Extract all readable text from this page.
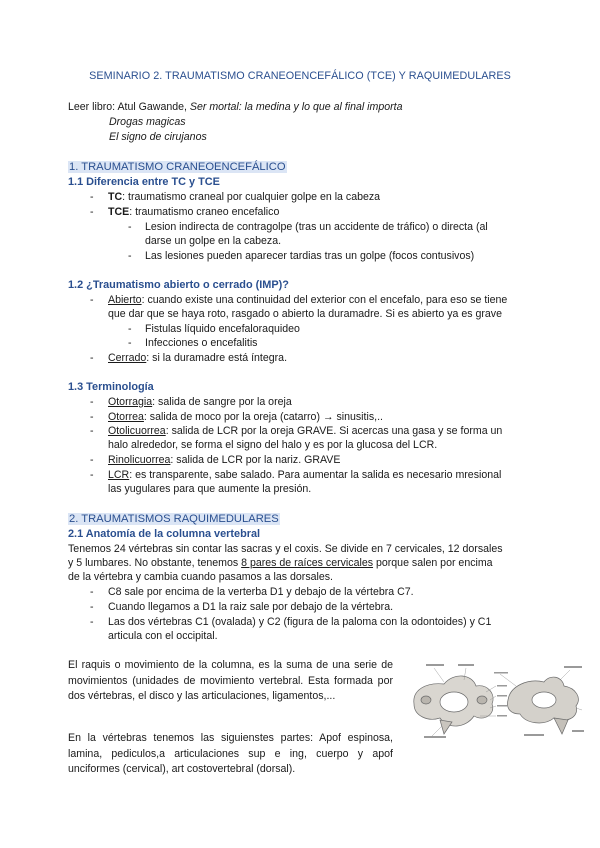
SEMINARIO 2. TRAUMATISMO CRANEOENCEFÁLICO (TCE) Y RAQUIMEDULARES
Leer libro: Atul Gawande, Ser mortal: la medina y lo que al final importa
Drogas magicas
El signo de cirujanos
1. TRAUMATISMO CRANEOENCEFÁLICO
1.1 Diferencia entre TC y TCE
- TC: traumatismo craneal por cualquier golpe en la cabeza
- TCE: traumatismo craneo encefalico
- Lesion indirecta de contragolpe (tras un accidente de tráfico) o directa (al
darse un golpe en la cabeza.
- Las lesiones pueden aparecer tardias tras un golpe (focos contusivos)
1.2 ¿Traumatismo abierto o cerrado (IMP)?
- Abierto: cuando existe una continuidad del exterior con el encefalo, para eso se tiene
que dar que se haya roto, rasgado o abierto la duramadre. Si es abierto ya es grave
- Fistulas líquido encefaloraquideo
- Infecciones o encefalitis
- Cerrado: si la duramadre está íntegra.
1.3 Terminología
- Otorragia: salida de sangre por la oreja
- Otorrea: salida de moco por la oreja (catarro) → sinusitis,..
- Otolicuorrea: salida de LCR por la oreja GRAVE. Si acercas una gasa y se forma un
halo alrededor, se forma el signo del halo y es por la glucosa del LCR.
- Rinolicuorrea: salida de LCR por la nariz. GRAVE
- LCR: es transparente, sabe salado. Para aumentar la salida es necesario mresional
las yugulares para que aumente la presión.
2. TRAUMATISMOS RAQUIMEDULARES
2.1 Anatomía de la columna vertebral
Tenemos 24 vértebras sin contar las sacras y el coxis. Se divide en 7 cervicales, 12 dorsales
y 5 lumbares. No obstante, tenemos 8 pares de raíces cervicales porque salen por encima
de la vértebra y cambia cuando pasamos a las dorsales.
- C8 sale por encima de la verterba D1 y debajo de la vértebra C7.
- Cuando llegamos a D1 la raiz sale por debajo de la vértebra.
- Las dos vértebras C1 (ovalada) y C2 (figura de la paloma con la odontoides) y C1
articula con el occipital.
El raquis o movimiento de la columna, es la suma de una serie de movimientos (unidades de movimiento vertebral. Esta formada por dos vértebras, el disco y las articulaciones, ligamentos,...
En la vértebras tenemos las siguienstes partes: Apof espinosa, lamina, pediculos,a articulaciones sup e ing, cuerpo y apof unciformes (cervical), art costovertebral (dorsal).
